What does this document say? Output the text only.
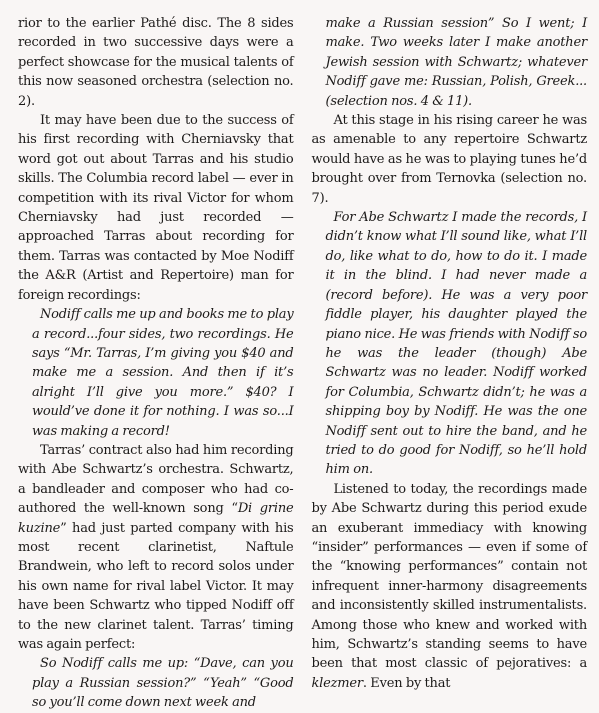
rior to the earlier Pathé disc. The 8 sides recorded in two successive days were a perfect showcase for the musical talents of this now seasoned orchestra (selection no. 2).

It may have been due to the success of his first recording with Cherniavsky that word got out about Tarras and his studio skills. The Columbia record label — ever in competition with its rival Victor for whom Cherniavsky had just recorded — approached Tarras about recording for them. Tarras was contacted by Moe Nodiff the A&R (Artist and Repertoire) man for foreign recordings:

Nodiff calls me up and books me to play a record...four sides, two recordings. He says “Mr. Tarras, I’m giving you $40 and make me a session. And then if it’s alright I’ll give you more.” $40? I would’ve done it for nothing. I was so...I was making a record!

Tarras’ contract also had him recording with Abe Schwartz’s orchestra. Schwartz, a bandleader and composer who had co-authored the well-known song “Di grine kuzine” had just parted company with his most recent clarinetist, Naftule Brandwein, who left to record solos under his own name for rival label Victor. It may have been Schwartz who tipped Nodiff off to the new clarinet talent. Tarras’ timing was again perfect:

So Nodiff calls me up: “Dave, can you play a Russian session?” “Yeah” “Good so you’ll come down next week and

make a Russian session” So I went; I make. Two weeks later I make another Jewish session with Schwartz; whatever Nodiff gave me: Russian, Polish, Greek... (selection nos. 4 & 11).

At this stage in his rising career he was as amenable to any repertoire Schwartz would have as he was to playing tunes he’d brought over from Ternovka (selection no. 7).

For Abe Schwartz I made the records, I didn’t know what I’ll sound like, what I’ll do, like what to do, how to do it. I made it in the blind. I had never made a (record before). He was a very poor fiddle player, his daughter played the piano nice. He was friends with Nodiff so he was the leader (though) Abe Schwartz was no leader. Nodiff worked for Columbia, Schwartz didn’t; he was a shipping boy by Nodiff. He was the one Nodiff sent out to hire the band, and he tried to do good for Nodiff, so he’ll hold him on.

Listened to today, the recordings made by Abe Schwartz during this period exude an exuberant immediacy with knowing “insider” performances — even if some of the “knowing performances” contain not infrequent inner-harmony disagreements and inconsistently skilled instrumentalists. Among those who knew and worked with him, Schwartz’s standing seems to have been that most classic of pejoratives: a klezmer. Even by that
